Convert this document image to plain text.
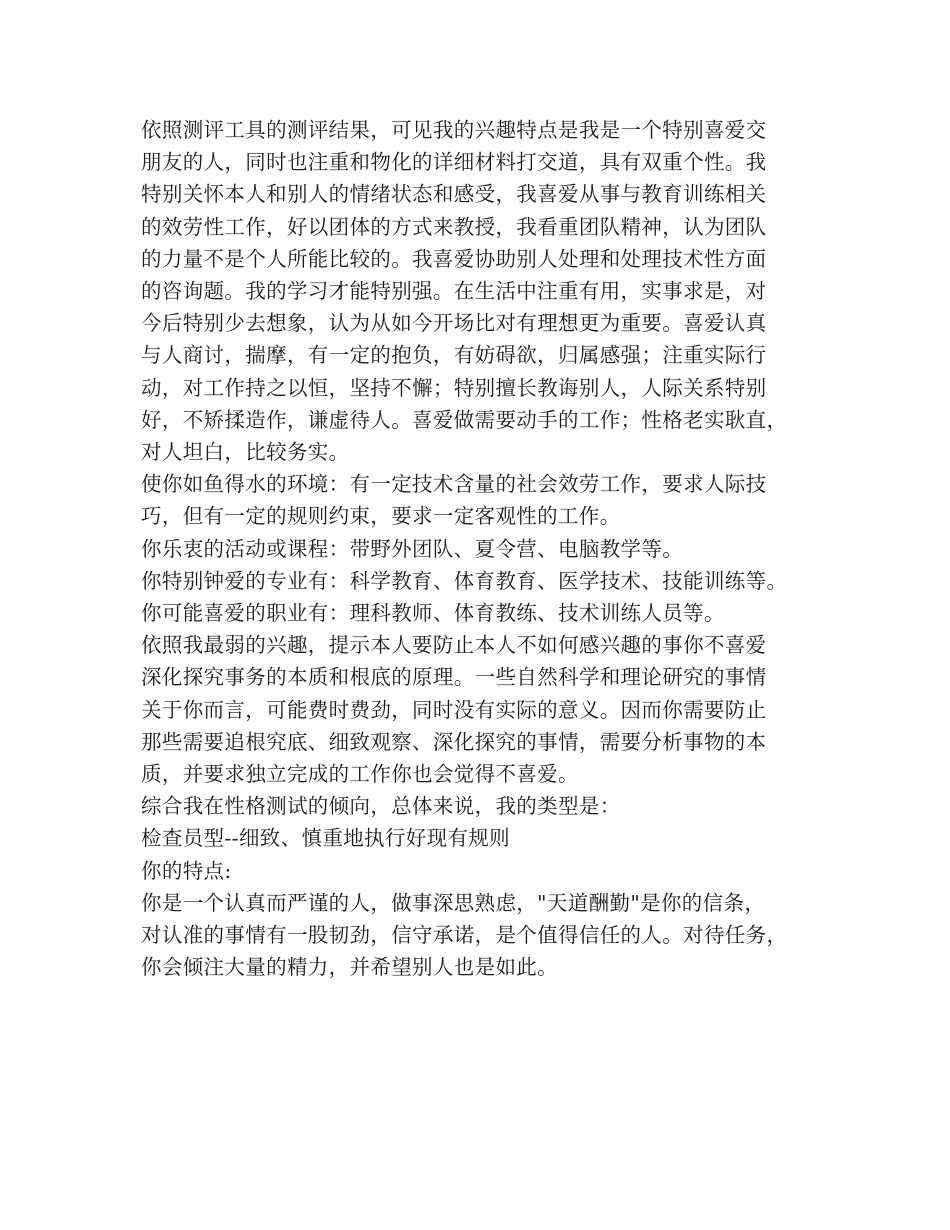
依照测评工具的测评结果，可见我的兴趣特点是我是一个特别喜爱交
朋友的人，同时也注重和物化的详细材料打交道，具有双重个性。我
特别关怀本人和别人的情绪状态和感受，我喜爱从事与教育训练相关
的效劳性工作，好以团体的方式来教授，我看重团队精神，认为团队
的力量不是个人所能比较的。我喜爱协助别人处理和处理技术性方面
的咨询题。我的学习才能特别强。在生活中注重有用，实事求是，对
今后特别少去想象，认为从如今开场比对有理想更为重要。喜爱认真
与人商讨，揣摩，有一定的抱负，有妨碍欲，归属感强；注重实际行
动，对工作持之以恒，坚持不懈；特别擅长教诲别人，人际关系特别
好，不矫揉造作，谦虚待人。喜爱做需要动手的工作；性格老实耿直，
对人坦白，比较务实。
使你如鱼得水的环境：有一定技术含量的社会效劳工作，要求人际技
巧，但有一定的规则约束，要求一定客观性的工作。
你乐衷的活动或课程：带野外团队、夏令营、电脑教学等。
你特别钟爱的专业有：科学教育、体育教育、医学技术、技能训练等。
你可能喜爱的职业有：理科教师、体育教练、技术训练人员等。
依照我最弱的兴趣，提示本人要防止本人不如何感兴趣的事你不喜爱
深化探究事务的本质和根底的原理。一些自然科学和理论研究的事情
关于你而言，可能费时费劲，同时没有实际的意义。因而你需要防止
那些需要追根究底、细致观察、深化探究的事情，需要分析事物的本
质，并要求独立完成的工作你也会觉得不喜爱。
综合我在性格测试的倾向，总体来说，我的类型是：
检查员型--细致、慎重地执行好现有规则
你的特点:
你是一个认真而严谨的人，做事深思熟虑，"天道酬勤"是你的信条，
对认准的事情有一股韧劲，信守承诺，是个值得信任的人。对待任务，
你会倾注大量的精力，并希望别人也是如此。
